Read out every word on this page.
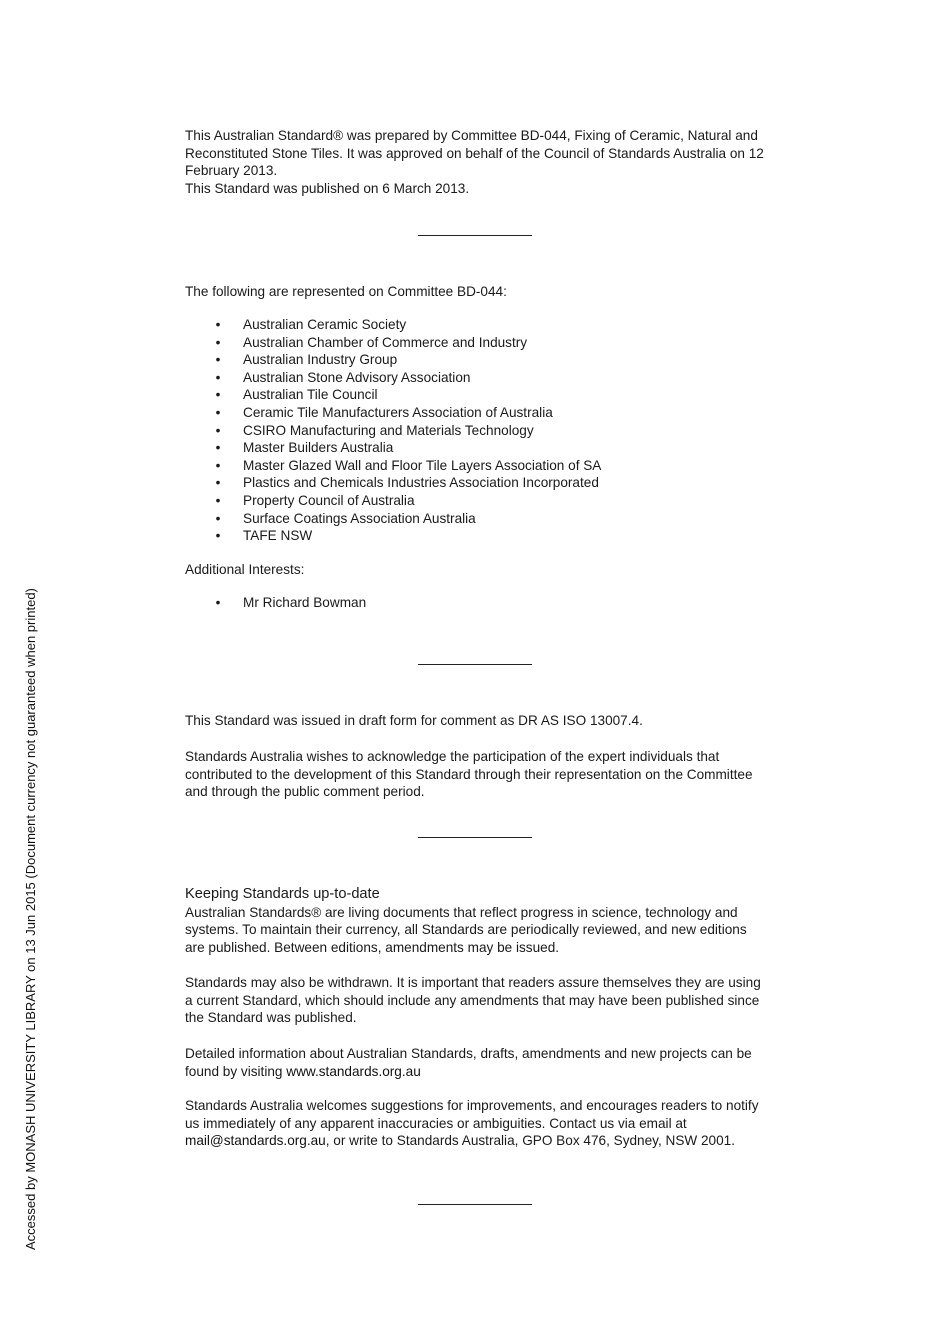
This Australian Standard® was prepared by Committee BD-044, Fixing of Ceramic, Natural and Reconstituted Stone Tiles. It was approved on behalf of the Council of Standards Australia on 12 February 2013.

This Standard was published on 6 March 2013.

The following are represented on Committee BD-044:

• Australian Ceramic Society
• Australian Chamber of Commerce and Industry
• Australian Industry Group
• Australian Stone Advisory Association
• Australian Tile Council
• Ceramic Tile Manufacturers Association of Australia
• CSIRO Manufacturing and Materials Technology
• Master Builders Australia
• Master Glazed Wall and Floor Tile Layers Association of SA
• Plastics and Chemicals Industries Association Incorporated
• Property Council of Australia
• Surface Coatings Association Australia
• TAFE NSW

Additional Interests:

• Mr Richard Bowman

This Standard was issued in draft form for comment as DR AS ISO 13007.4.

Standards Australia wishes to acknowledge the participation of the expert individuals that contributed to the development of this Standard through their representation on the Committee and through the public comment period.

Keeping Standards up-to-date

Australian Standards® are living documents that reflect progress in science, technology and systems. To maintain their currency, all Standards are periodically reviewed, and new editions are published. Between editions, amendments may be issued.

Standards may also be withdrawn. It is important that readers assure themselves they are using a current Standard, which should include any amendments that may have been published since the Standard was published.

Detailed information about Australian Standards, drafts, amendments and new projects can be found by visiting www.standards.org.au

Standards Australia welcomes suggestions for improvements, and encourages readers to notify us immediately of any apparent inaccuracies or ambiguities. Contact us via email at mail@standards.org.au, or write to Standards Australia, GPO Box 476, Sydney, NSW 2001.

Accessed by MONASH UNIVERSITY LIBRARY on 13 Jun 2015 (Document currency not guaranteed when printed)
